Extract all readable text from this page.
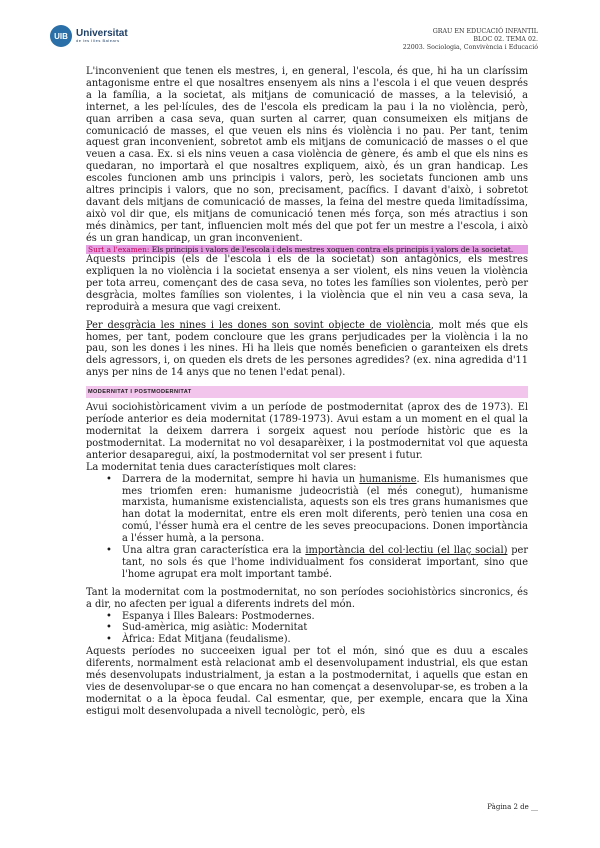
UIB Universitat
de les Illes Balears
GRAU EN EDUCACIÓ INFANTIL
BLOC 02. TEMA 02.
22003. Sociologia, Convivència i Educació

L'inconvenient que tenen els mestres, i, en general, l'escola, és que, hi ha un claríssim antagonisme entre el que nosaltres ensenyem als nins a l'escola i el que veuen després a la família, a la societat, als mitjans de comunicació de masses, a la televisió, a internet, a les pel·lícules, des de l'escola els predicam la pau i la no violència, però, quan arriben a casa seva, quan surten al carrer, quan consumeixen els mitjans de comunicació de masses, el que veuen els nins és violència i no pau. Per tant, tenim aquest gran inconvenient, sobretot amb els mitjans de comunicació de masses o el que veuen a casa. Ex. si els nins veuen a casa violència de gènere, és amb el que els nins es quedaran, no importarà el que nosaltres expliquem, això, és un gran handicap. Les escoles funcionen amb uns principis i valors, però, les societats funcionen amb uns altres principis i valors, que no son, precisament, pacífics. I davant d'això, i sobretot davant dels mitjans de comunicació de masses, la feina del mestre queda limitadíssima, això vol dir que, els mitjans de comunicació tenen més força, son més atractius i son més dinàmics, per tant, influencien molt més del que pot fer un mestre a l'escola, i això és un gran handicap, un gran inconvenient.

Surt a l'examen: Els principis i valors de l'escola i dels mestres xoquen contra els principis i valors de la societat.

Aquests principis (els de l'escola i els de la societat) son antagònics, els mestres expliquen la no violència i la societat ensenya a ser violent, els nins veuen la violència per tota arreu, començant des de casa seva, no totes les famílies son violentes, però per desgràcia, moltes famílies son violentes, i la violència que el nin veu a casa seva, la reproduirà a mesura que vagi creixent.

Per desgràcia les nines i les dones son sovint objecte de violència, molt més que els homes, per tant, podem concloure que les grans perjudicades per la violència i la no pau, son les dones i les nines. Hi ha lleis que només beneficien o garanteixen els drets dels agressors, i, on queden els drets de les persones agredides? (ex. nina agredida d'11 anys per nins de 14 anys que no tenen l'edat penal).

MODERNITAT I POSTMODERNITAT

Avui sociohistòricament vivim a un període de postmodernitat (aprox des de 1973). El període anterior es deia modernitat (1789-1973). Avui estam a un moment en el qual la modernitat la deixem darrera i sorgeix aquest nou període històric que es la postmodernitat. La modernitat no vol desaparèixer, i la postmodernitat vol que aquesta anterior desaparegui, així, la postmodernitat vol ser present i futur.

La modernitat tenia dues característiques molt clares:

• Darrera de la modernitat, sempre hi havia un humanisme. Els humanismes que mes triomfen eren: humanisme judeocristià (el més conegut), humanisme marxista, humanisme existencialista, aquests son els tres grans humanismes que han dotat la modernitat, entre els eren molt diferents, però tenien una cosa en comú, l'ésser humà era el centre de les seves preocupacions. Donen importància a l'ésser humà, a la persona.
• Una altra gran característica era la importància del col·lectiu (el llaç social) per tant, no sols és que l'home individualment fos considerat important, sino que l'home agrupat era molt important també.

Tant la modernitat com la postmodernitat, no son períodes sociohistòrics sincronics, és a dir, no afecten per igual a diferents indrets del món.

• Espanya i Illes Balears: Postmodernes.
• Sud-amèrica, mig asiàtic: Modernitat
• Àfrica: Edat Mitjana (feudalisme).

Aquests períodes no succeeixen igual per tot el món, sinó que es duu a escales diferents, normalment està relacionat amb el desenvolupament industrial, els que estan més desenvolupats industrialment, ja estan a la postmodernitat, i aquells que estan en vies de desenvolupar-se o que encara no han començat a desenvolupar-se, es troben a la modernitat o a la època feudal. Cal esmentar, que, per exemple, encara que la Xina estigui molt desenvolupada a nivell tecnològic, però, els

Pàgina 2 de __
